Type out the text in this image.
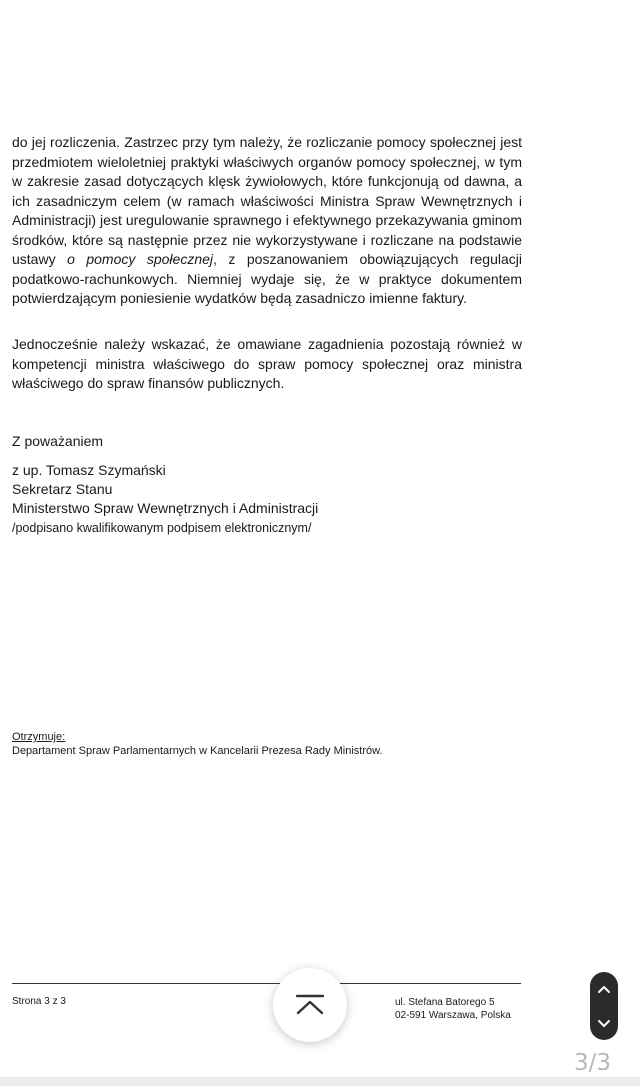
do jej rozliczenia. Zastrzec przy tym należy, że rozliczanie pomocy społecznej jest przedmiotem wieloletniej praktyki właściwych organów pomocy społecznej, w tym w zakresie zasad dotyczących klęsk żywiołowych, które funkcjonują od dawna, a ich zasadniczym celem (w ramach właściwości Ministra Spraw Wewnętrznych i Administracji) jest uregulowanie sprawnego i efektywnego przekazywania gminom środków, które są następnie przez nie wykorzystywane i rozliczane na podstawie ustawy o pomocy społecznej, z poszanowaniem obowiązujących regulacji podatkowo-rachunkowych. Niemniej wydaje się, że w praktyce dokumentem potwierdzającym poniesienie wydatków będą zasadniczo imienne faktury.

Jednocześnie należy wskazać, że omawiane zagadnienia pozostają również w kompetencji ministra właściwego do spraw pomocy społecznej oraz ministra właściwego do spraw finansów publicznych.

Z poważaniem

z up. Tomasz Szymański

Sekretarz Stanu

Ministerstwo Spraw Wewnętrznych i Administracji

/podpisano kwalifikowanym podpisem elektronicznym/

Otrzymuje:
Departament Spraw Parlamentarnych w Kancelarii Prezesa Rady Ministrów.
Strona 3 z 3	ul. Stefana Batorego 5
02-591 Warszawa, Polska
3/3
